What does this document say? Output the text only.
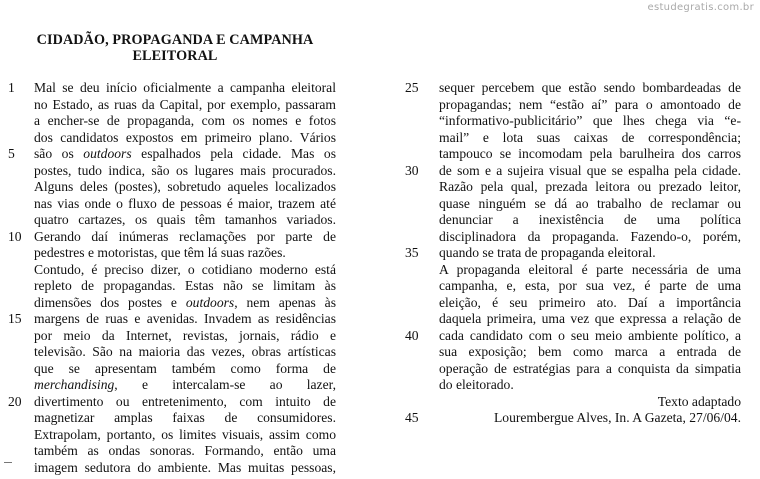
estudegratis.com.br
CIDADÃO, PROPAGANDA E CAMPANHA
ELEITORAL
1	Mal se deu início oficialmente a campanha eleitoral
no Estado, as ruas da Capital, por exemplo, passaram
a encher-se de propaganda, com os nomes e fotos
dos candidatos expostos em primeiro plano. Vários
5	são os outdoors espalhados pela cidade. Mas os
postes, tudo indica, são os lugares mais procurados.
Alguns deles (postes), sobretudo aqueles localizados
nas vias onde o fluxo de pessoas é maior, trazem até
quatro cartazes, os quais têm tamanhos variados.
10 Gerando daí inúmeras reclamações por parte de
pedestres e motoristas, que têm lá suas razões.
Contudo, é preciso dizer, o cotidiano moderno está
repleto de propagandas. Estas não se limitam às
dimensões dos postes e outdoors, nem apenas às
15 margens de ruas e avenidas. Invadem as residências
por meio da Internet, revistas, jornais, rádio e
televisão. São na maioria das vezes, obras artísticas
que se apresentam também como forma de
merchandising, e intercalam-se ao lazer,
20 divertimento ou entretenimento, com intuito de
magnetizar amplas faixas de consumidores.
Extrapolam, portanto, os limites visuais, assim como
também as ondas sonoras. Formando, então uma
imagem sedutora do ambiente. Mas muitas pessoas,
25	sequer percebem que estão sendo bombardeadas de
propagandas; nem “estão aí” para o amontoado de
“informativo-publicitário” que lhes chega via “e-
mail” e lota suas caixas de correspondência;
tampouco se incomodam pela barulheira dos carros
30	de som e a sujeira visual que se espalha pela cidade.
Razão pela qual, prezada leitora ou prezado leitor,
quase ninguém se dá ao trabalho de reclamar ou
denunciar a inexistência de uma política
disciplinadora da propaganda. Fazendo-o, porém,
35	quando se trata de propaganda eleitoral.
A propaganda eleitoral é parte necessária de uma
campanha, e, esta, por sua vez, é parte de uma
eleição, é seu primeiro ato. Daí a importância
daquela primeira, uma vez que expressa a relação de
40	cada candidato com o seu meio ambiente político, a
sua exposição; bem como marca a entrada de
operação de estratégias para a conquista da simpatia
do eleitorado.
Texto adaptado
45	Lourembergue Alves, In. A Gazeta, 27/06/04.
